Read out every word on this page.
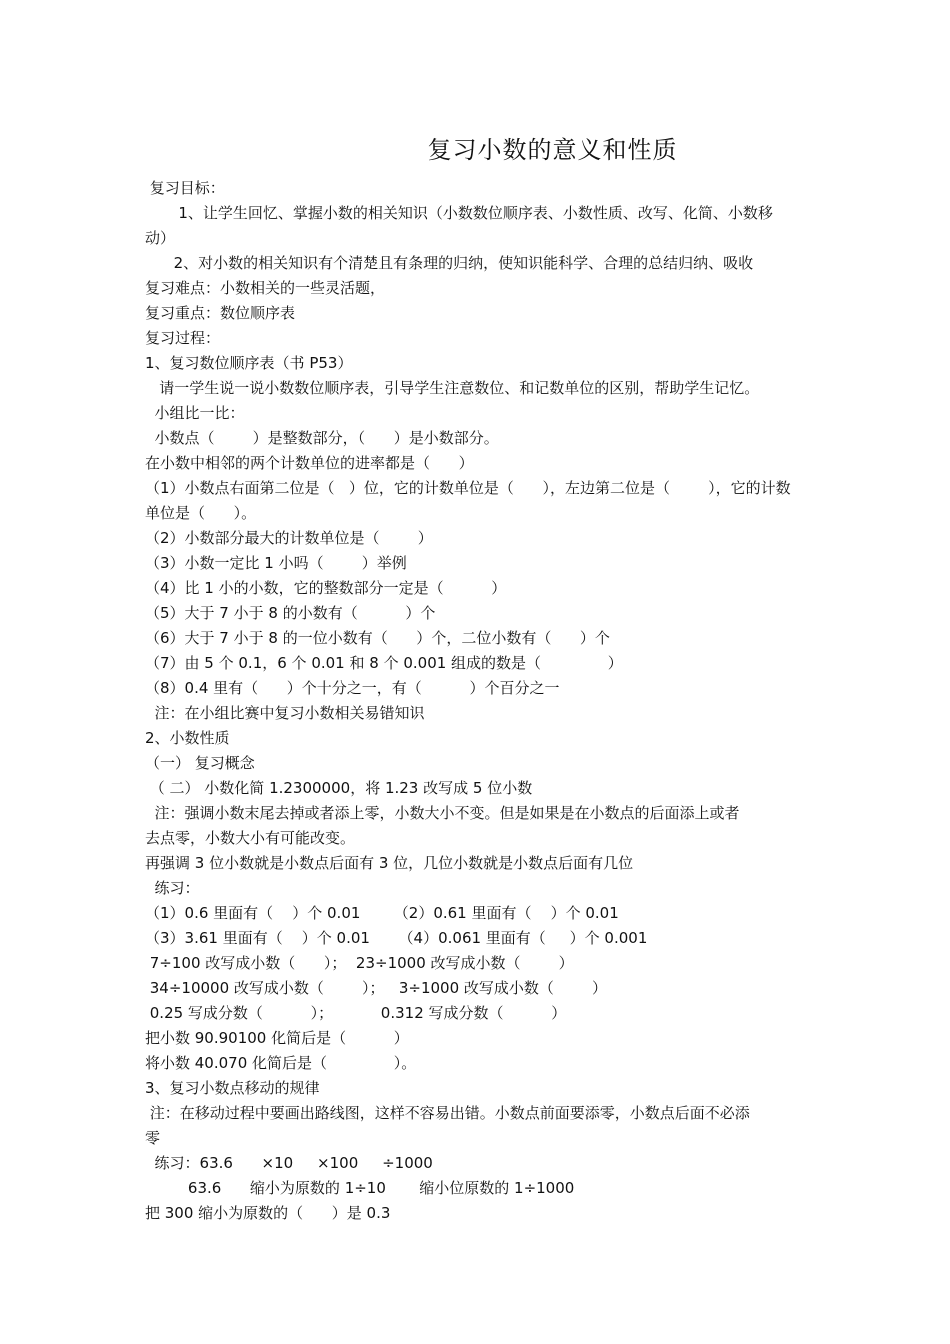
复习小数的意义和性质
复习目标：
1、让学生回忆、掌握小数的相关知识（小数数位顺序表、小数性质、改写、化简、小数移
动）
2、对小数的相关知识有个清楚且有条理的归纳，使知识能科学、合理的总结归纳、吸收
复习难点：小数相关的一些灵活题，
复习重点：数位顺序表
复习过程：
1、复习数位顺序表（书 P53）
请一学生说一说小数数位顺序表，引导学生注意数位、和记数单位的区别，帮助学生记忆。
小组比一比：
小数点（        ）是整数部分，（      ）是小数部分。
在小数中相邻的两个计数单位的进率都是（      ）
（1）小数点右面第二位是（   ）位，它的计数单位是（      ），左边第二位是（        ），它的计数
单位是（      ）。
（2）小数部分最大的计数单位是（        ）
（3）小数一定比 1 小吗（        ）举例
（4）比 1 小的小数，它的整数部分一定是（          ）
（5）大于 7 小于 8 的小数有（          ）个
（6）大于 7 小于 8 的一位小数有（      ）个，二位小数有（      ）个
（7）由 5 个 0.1，6 个 0.01 和 8 个 0.001 组成的数是（              ）
（8）0.4 里有（      ）个十分之一，有（          ）个百分之一
注：在小组比赛中复习小数相关易错知识
2、小数性质
（一） 复习概念
（ 二） 小数化简 1.2300000，将 1.23 改写成 5 位小数
注：强调小数末尾去掉或者添上零，小数大小不变。但是如果是在小数点的后面添上或者
去点零，小数大小有可能改变。
再强调 3 位小数就是小数点后面有 3 位，几位小数就是小数点后面有几位
练习：
（1）0.6 里面有（    ）个 0.01       （2）0.61 里面有（    ）个 0.01
（3）3.61 里面有（    ）个 0.01      （4）0.061 里面有（     ）个 0.001
7÷100 改写成小数（      ）；  23÷1000 改写成小数（        ）
34÷10000 改写成小数（        ）；   3÷1000 改写成小数（        ）
0.25 写成分数（          ）；          0.312 写成分数（          ）
把小数 90.90100 化简后是（          ）
将小数 40.070 化简后是（              ）。
3、复习小数点移动的规律
注：在移动过程中要画出路线图，这样不容易出错。小数点前面要添零，小数点后面不必添
零
练习：63.6      ×10     ×100     ÷1000
63.6      缩小为原数的 1÷10       缩小位原数的 1÷1000
把 300 缩小为原数的（      ）是 0.3
